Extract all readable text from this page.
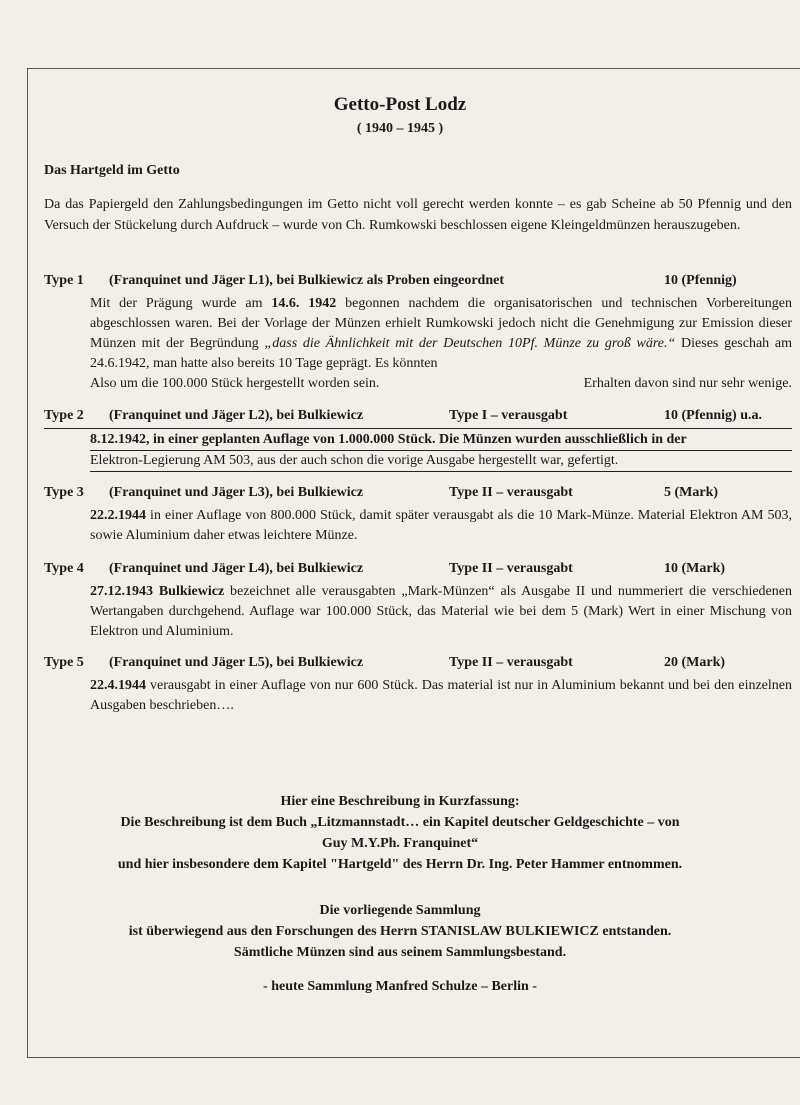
Getto-Post Lodz
( 1940 – 1945 )
Das Hartgeld im Getto
Da das Papiergeld den Zahlungsbedingungen im Getto nicht voll gerecht werden konnte – es gab Scheine ab 50 Pfennig und den Versuch der Stückelung durch Aufdruck – wurde von Ch. Rumkowski beschlossen eigene Kleingeldmünzen herauszugeben.
Type 1 (Franquinet und Jäger L1), bei Bulkiewicz als Proben eingeordnet	10 (Pfennig)
Mit der Prägung wurde am 14.6. 1942 begonnen nachdem die organisatorischen und technischen Vorbereitungen abgeschlossen waren. Bei der Vorlage der Münzen erhielt Rumkowski jedoch nicht die Genehmigung zur Emission dieser Münzen mit der Begründung „dass die Ähnlichkeit mit der Deutschen 10Pf. Münze zu groß wäre.“ Dieses geschah am 24.6.1942, man hatte also bereits 10 Tage geprägt. Es könnten
Also um die 100.000 Stück hergestellt worden sein.	Erhalten davon sind nur sehr wenige.
Type 2 (Franquinet und Jäger L2), bei Bulkiewicz	Type I – verausgabt	10 (Pfennig) u.a.
8.12.1942, in einer geplanten Auflage von 1.000.000 Stück. Die Münzen wurden ausschließlich in der
Elektron-Legierung AM 503, aus der auch schon die vorige Ausgabe hergestellt war, gefertigt.
Type 3 (Franquinet und Jäger L3), bei Bulkiewicz	Type II – verausgabt	5 (Mark)
22.2.1944 in einer Auflage von 800.000 Stück, damit später verausgabt als die 10 Mark-Münze. Material Elektron AM 503, sowie Aluminium daher etwas leichtere Münze.
Type 4 (Franquinet und Jäger L4), bei Bulkiewicz	Type II – verausgabt	10 (Mark)
27.12.1943 Bulkiewicz bezeichnet alle verausgabten „Mark-Münzen“ als Ausgabe II und nummeriert die verschiedenen Wertangaben durchgehend. Auflage war 100.000 Stück, das Material wie bei dem 5 (Mark) Wert in einer Mischung von Elektron und Aluminium.
Type 5 (Franquinet und Jäger L5), bei Bulkiewicz	Type II – verausgabt	20 (Mark)
22.4.1944 verausgabt in einer Auflage von nur 600 Stück. Das material ist nur in Aluminium bekannt und bei den einzelnen Ausgaben beschrieben….
Hier eine Beschreibung in Kurzfassung:
Die Beschreibung ist dem Buch „Litzmannstadt… ein Kapitel deutscher Geldgeschichte – von
Guy M.Y.Ph. Franquinet“
und hier insbesondere dem Kapitel "Hartgeld" des Herrn Dr. Ing. Peter Hammer entnommen.
Die vorliegende Sammlung
ist überwiegend aus den Forschungen des Herrn STANISLAW BULKIEWICZ entstanden.
Sämtliche Münzen sind aus seinem Sammlungsbestand.
- heute Sammlung Manfred Schulze – Berlin -
